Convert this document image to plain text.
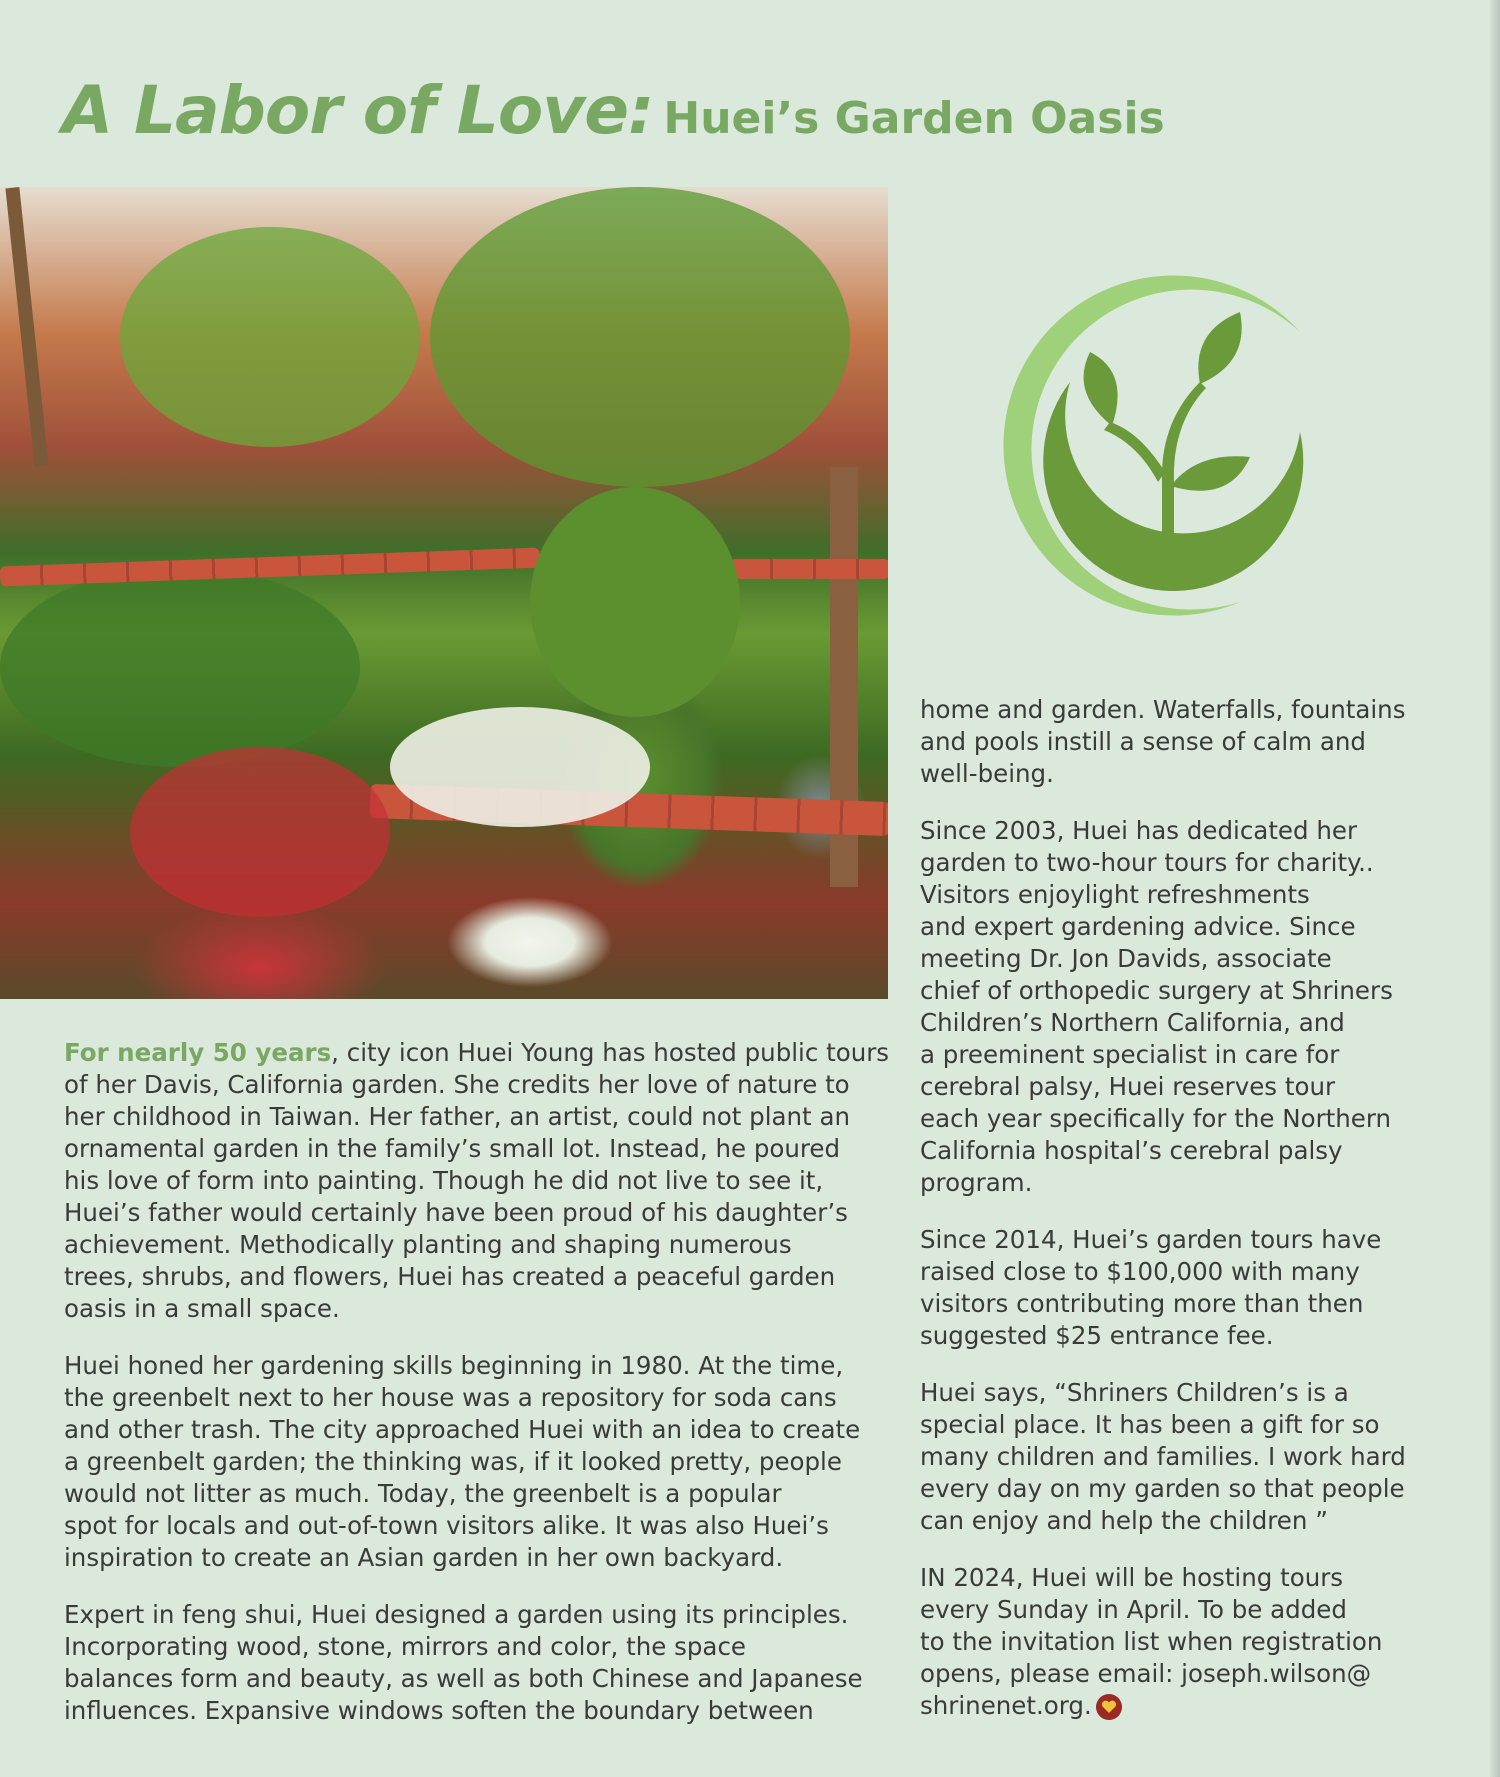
A Labor of Love: Huei’s Garden Oasis
For nearly 50 years, city icon Huei Young has hosted public tours
of her Davis, California garden. She credits her love of nature to
her childhood in Taiwan. Her father, an artist, could not plant an
ornamental garden in the family’s small lot. Instead, he poured
his love of form into painting. Though he did not live to see it,
Huei’s father would certainly have been proud of his daughter’s
achievement. Methodically planting and shaping numerous
trees, shrubs, and flowers, Huei has created a peaceful garden
oasis in a small space.
Huei honed her gardening skills beginning in 1980. At the time,
the greenbelt next to her house was a repository for soda cans
and other trash. The city approached Huei with an idea to create
a greenbelt garden; the thinking was, if it looked pretty, people
would not litter as much. Today, the greenbelt is a popular
spot for locals and out-of-town visitors alike. It was also Huei’s
inspiration to create an Asian garden in her own backyard.
Expert in feng shui, Huei designed a garden using its principles.
Incorporating wood, stone, mirrors and color, the space
balances form and beauty, as well as both Chinese and Japanese
influences. Expansive windows soften the boundary between
home and garden. Waterfalls, fountains
and pools instill a sense of calm and
well-being.
Since 2003, Huei has dedicated her
garden to two-hour tours for charity..
Visitors enjoylight refreshments
and expert gardening advice. Since
meeting Dr. Jon Davids, associate
chief of orthopedic surgery at Shriners
Children’s Northern California, and
a preeminent specialist in care for
cerebral palsy, Huei reserves tour
each year specifically for the Northern
California hospital’s cerebral palsy
program.
Since 2014, Huei’s garden tours have
raised close to $100,000 with many
visitors contributing more than then
suggested $25 entrance fee.
Huei says, “Shriners Children’s is a
special place. It has been a gift for so
many children and families. I work hard
every day on my garden so that people
can enjoy and help the children ”
IN 2024, Huei will be hosting tours
every Sunday in April. To be added
to the invitation list when registration
opens, please email: joseph.wilson@
shrinenet.org.
